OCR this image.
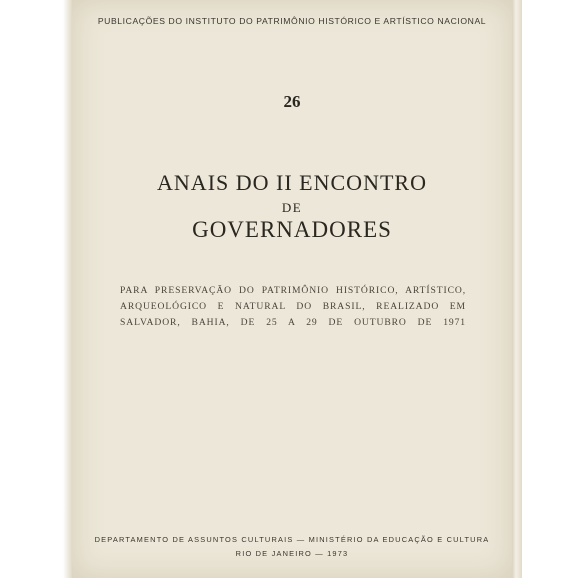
PUBLICAÇÕES DO INSTITUTO DO PATRIMÔNIO HISTÓRICO E ARTÍSTICO NACIONAL
26
ANAIS DO II ENCONTRO
DE
GOVERNADORES
PARA PRESERVAÇÃO DO PATRIMÔNIO HISTÓRICO, ARTÍSTICO,
ARQUEOLÓGICO E NATURAL DO BRASIL, REALIZADO EM
SALVADOR, BAHIA, DE 25 A 29 DE OUTUBRO DE 1971
DEPARTAMENTO DE ASSUNTOS CULTURAIS — MINISTÉRIO DA EDUCAÇÃO E CULTURA
RIO DE JANEIRO — 1973
